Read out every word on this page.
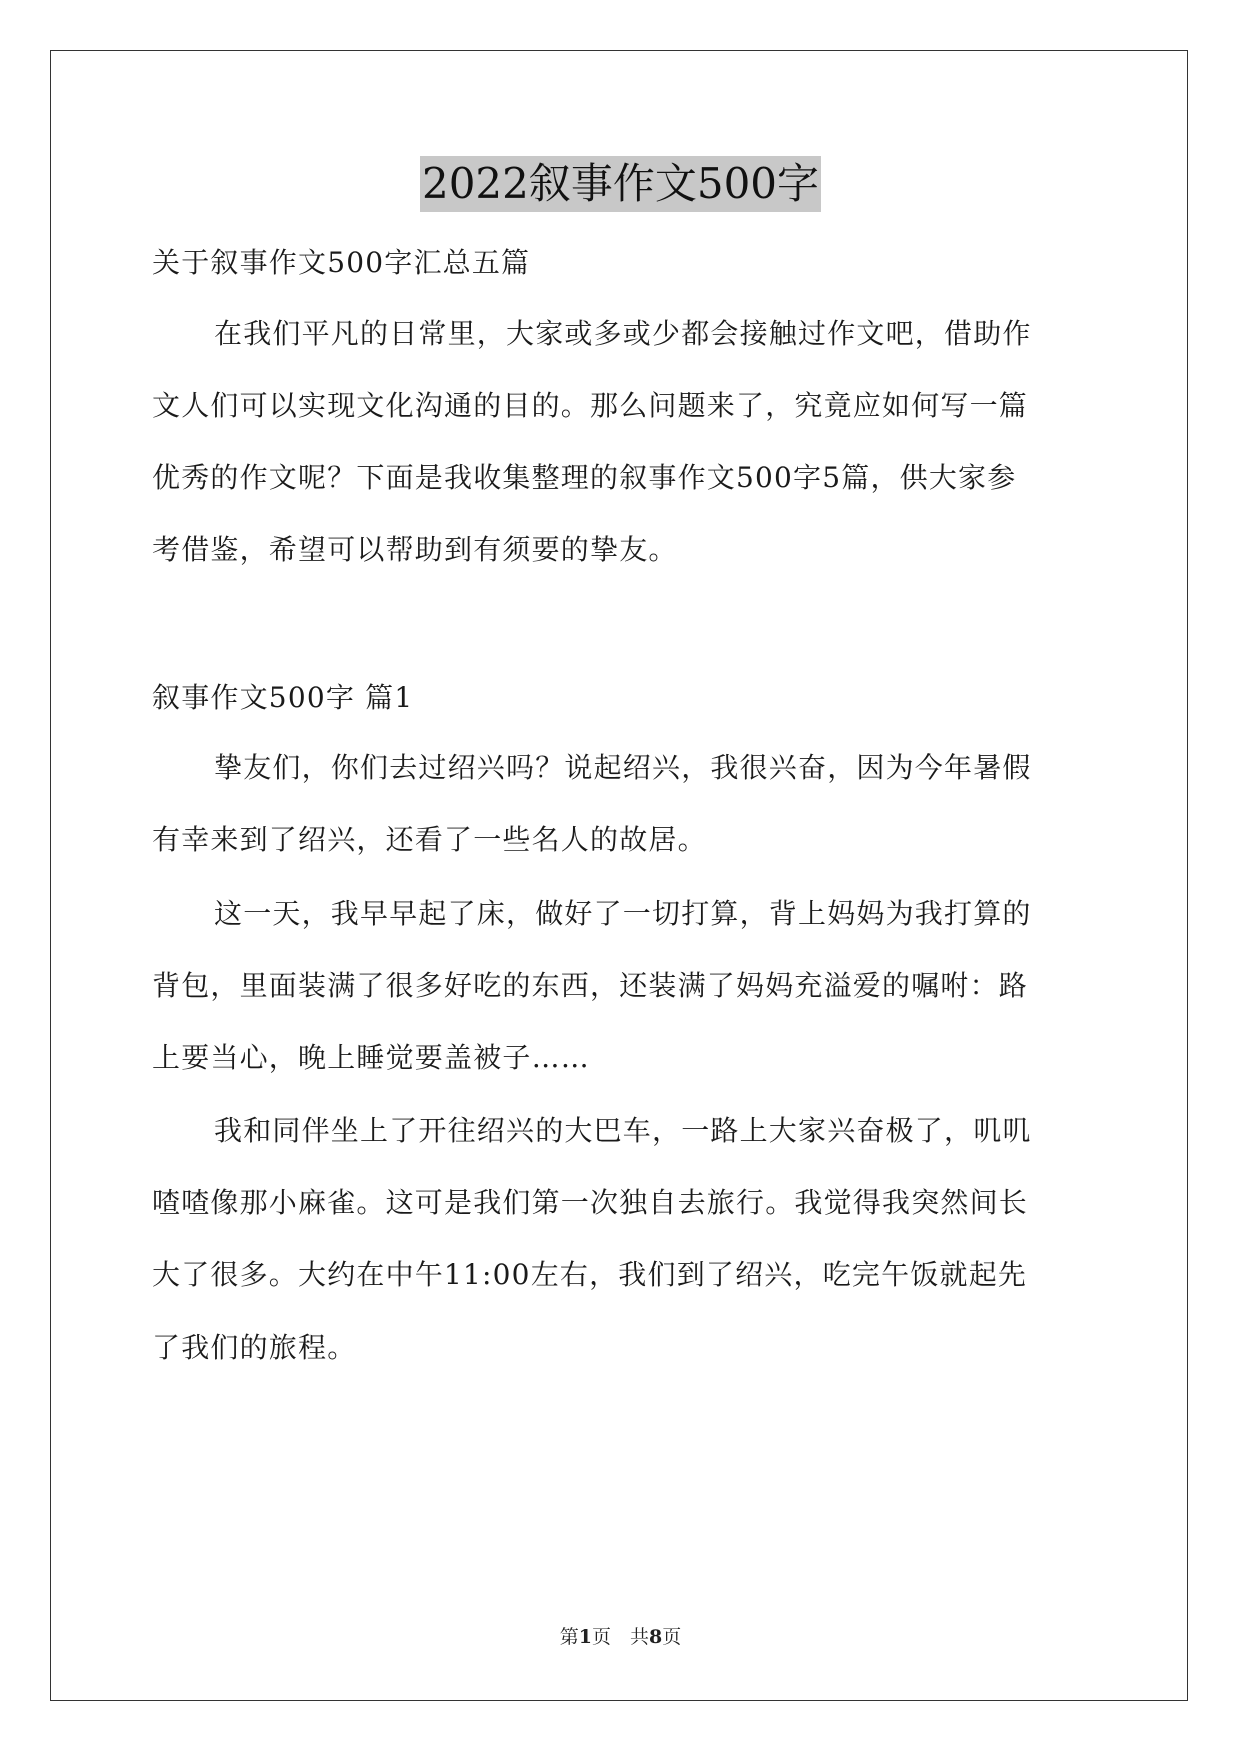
2022叙事作文500字
关于叙事作文500字汇总五篇
在我们平凡的日常里，大家或多或少都会接触过作文吧，借助作
文人们可以实现文化沟通的目的。那么问题来了，究竟应如何写一篇
优秀的作文呢？下面是我收集整理的叙事作文500字5篇，供大家参
考借鉴，希望可以帮助到有须要的挚友。
叙事作文500字 篇1
挚友们，你们去过绍兴吗？说起绍兴，我很兴奋，因为今年暑假
有幸来到了绍兴，还看了一些名人的故居。
这一天，我早早起了床，做好了一切打算，背上妈妈为我打算的
背包，里面装满了很多好吃的东西，还装满了妈妈充溢爱的嘱咐：路
上要当心，晚上睡觉要盖被子……
我和同伴坐上了开往绍兴的大巴车，一路上大家兴奋极了，叽叽
喳喳像那小麻雀。这可是我们第一次独自去旅行。我觉得我突然间长
大了很多。大约在中午11:00左右，我们到了绍兴，吃完午饭就起先
了我们的旅程。
第1页　共8页
